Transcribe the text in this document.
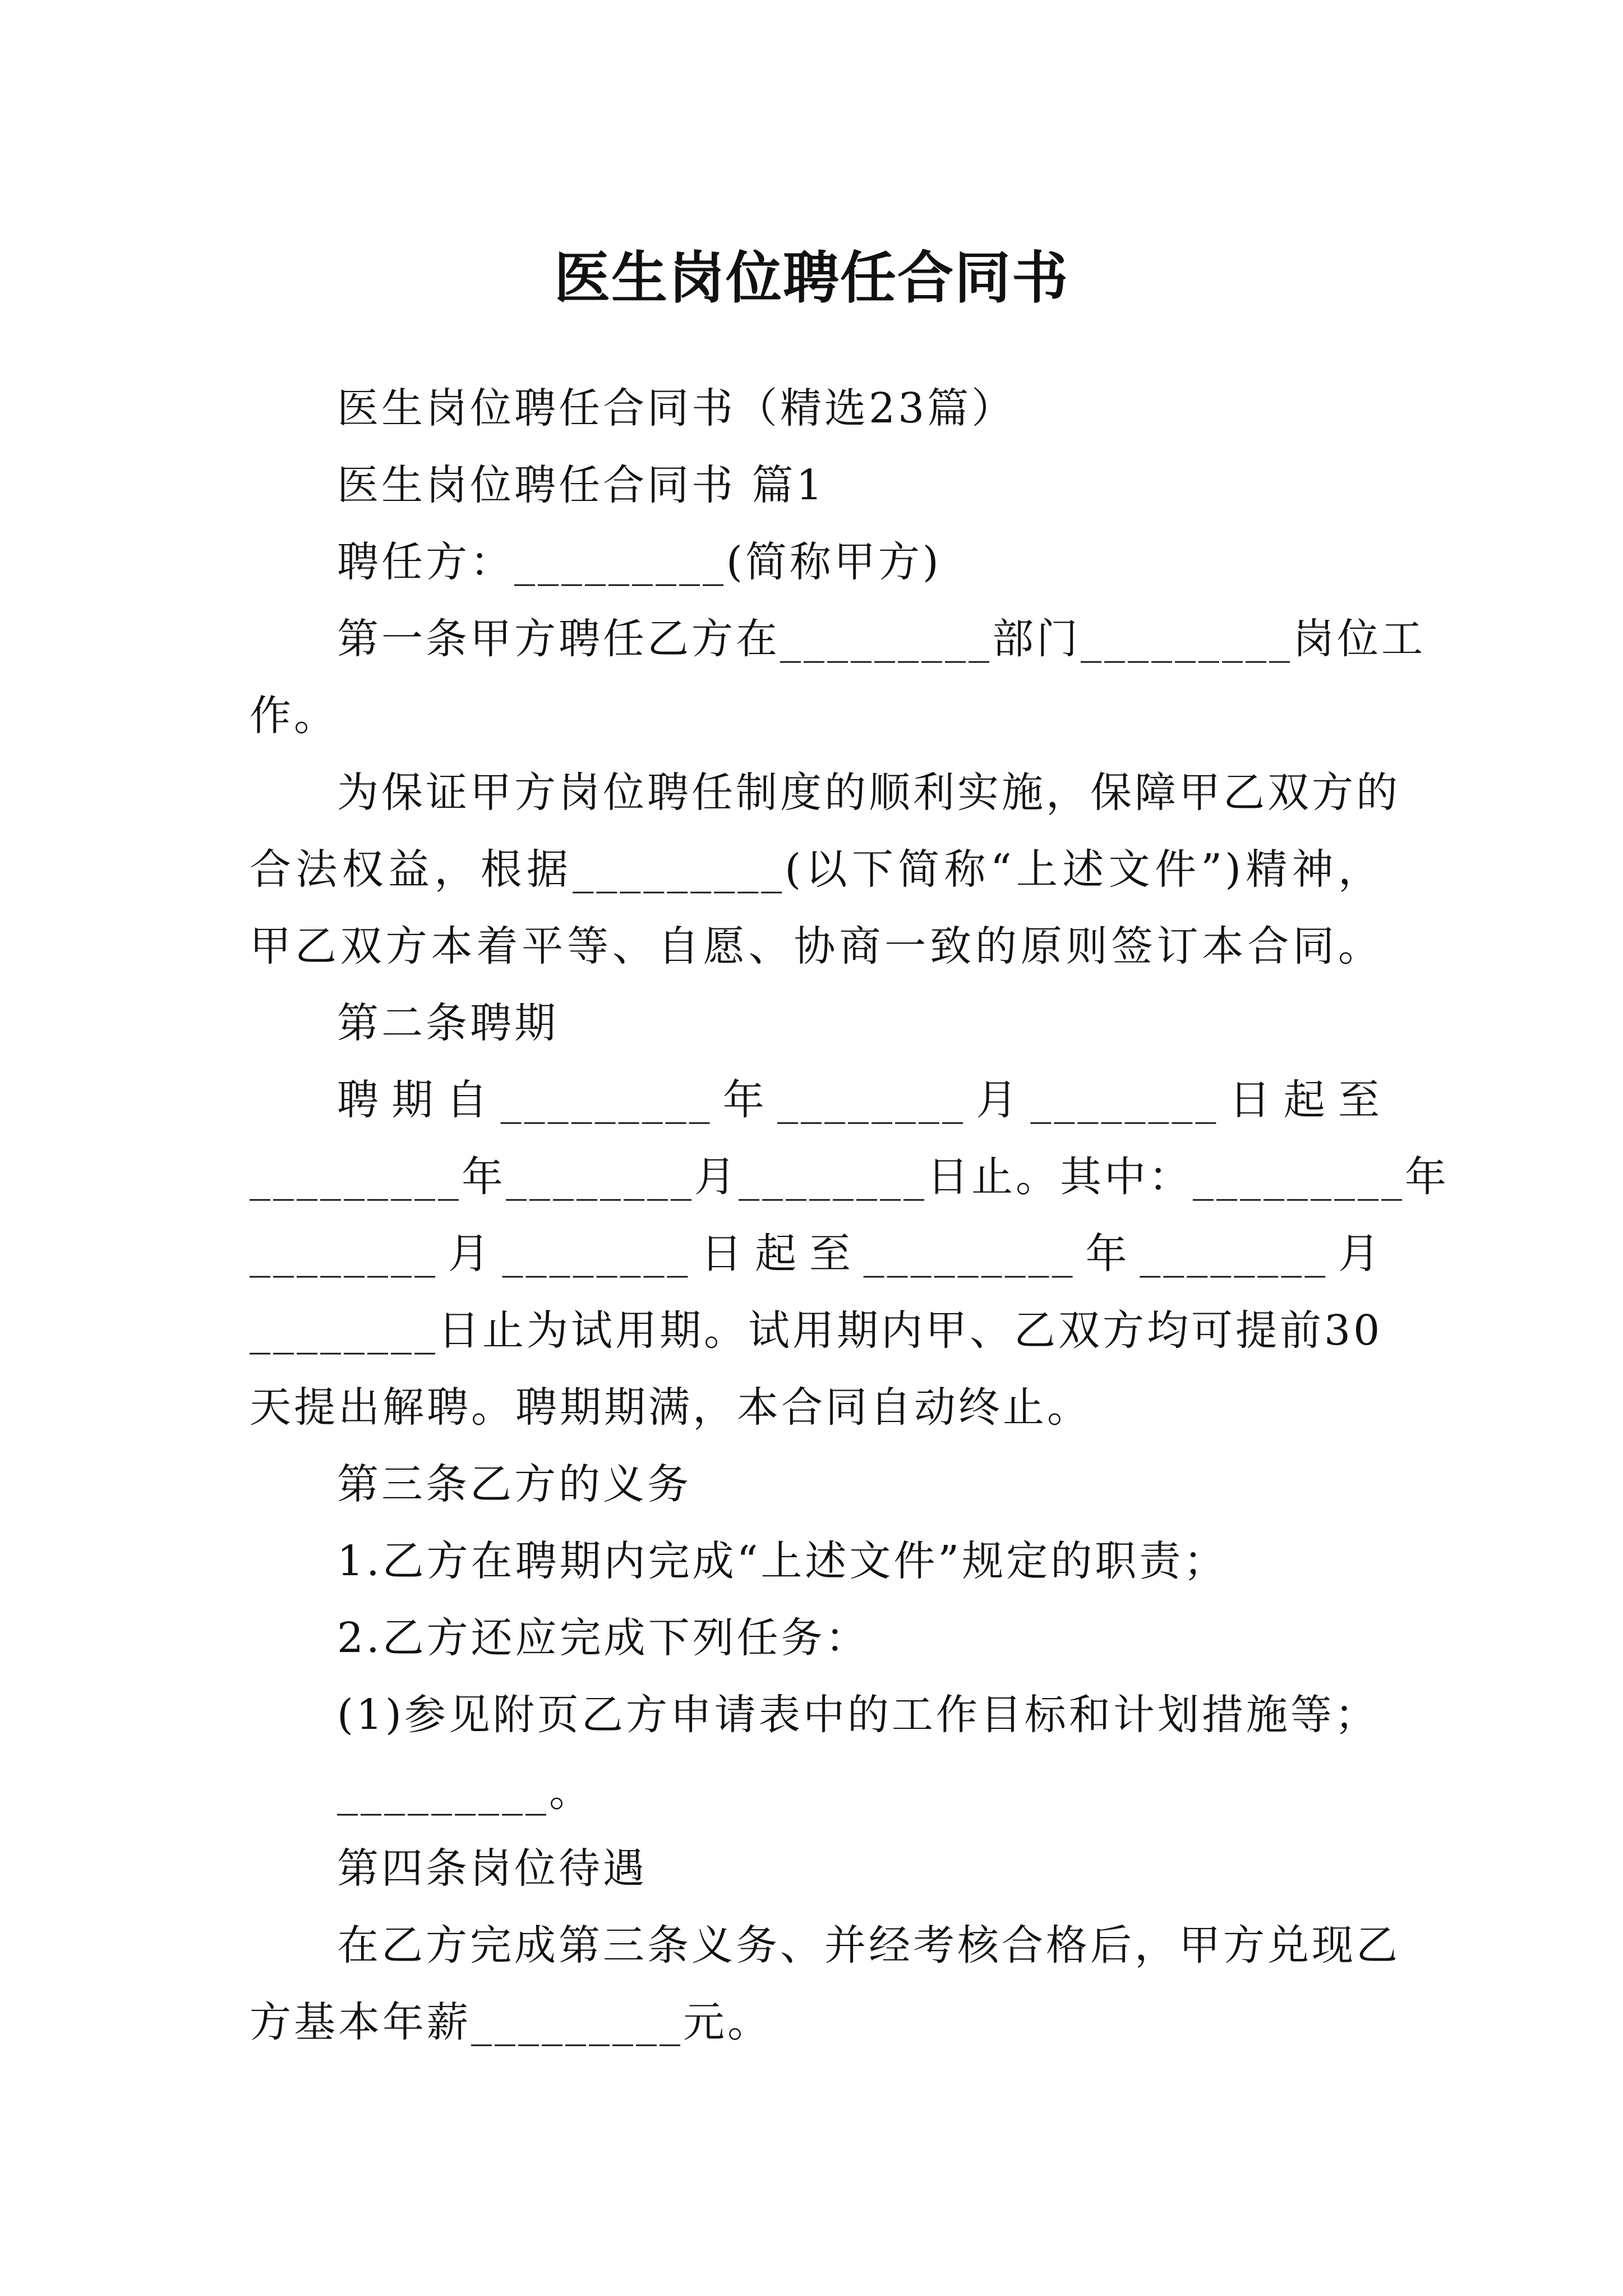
医生岗位聘任合同书

医生岗位聘任合同书（精选23篇）

医生岗位聘任合同书 篇1

聘任方：_________(简称甲方)

第一条甲方聘任乙方在_________部门_________岗位工

作。

为保证甲方岗位聘任制度的顺利实施，保障甲乙双方的

合法权益，根据_________(以下简称“上述文件”)精神，

甲乙双方本着平等、自愿、协商一致的原则签订本合同。

第二条聘期

聘期自_________年________月________日起至

_________年________月________日止。其中：_________年

________月________日起至_________年________月

________日止为试用期。试用期内甲、乙双方均可提前30

天提出解聘。聘期期满，本合同自动终止。

第三条乙方的义务

1.乙方在聘期内完成“上述文件”规定的职责；

2.乙方还应完成下列任务：

(1)参见附页乙方申请表中的工作目标和计划措施等；

_________。

第四条岗位待遇

在乙方完成第三条义务、并经考核合格后，甲方兑现乙

方基本年薪_________元。
